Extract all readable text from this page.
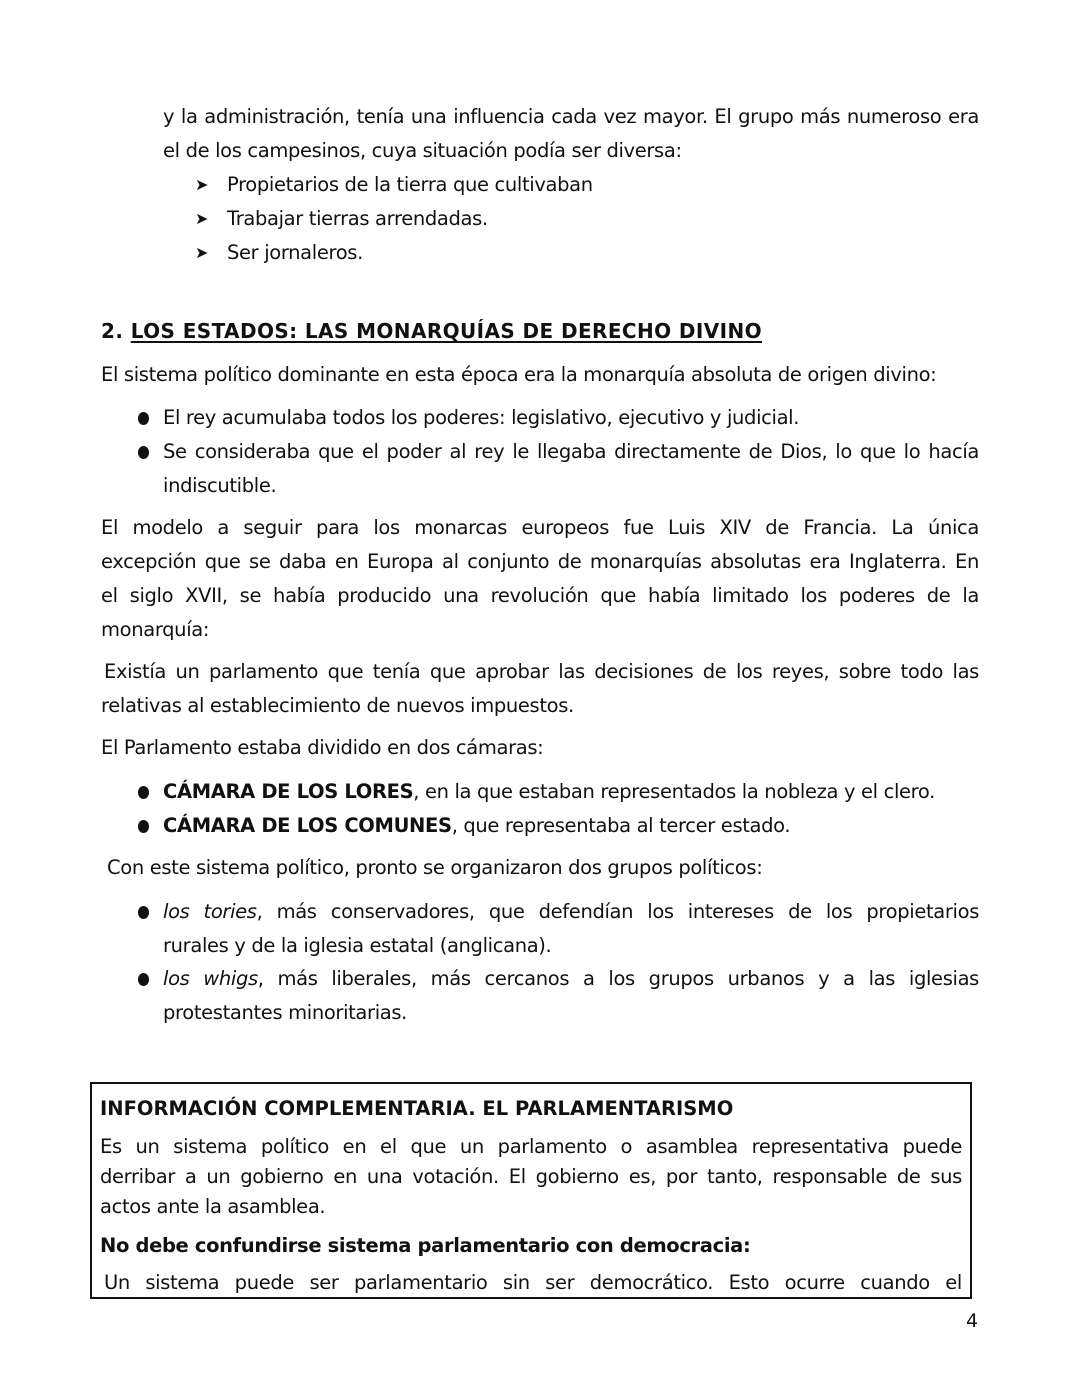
y la administración, tenía una influencia cada vez mayor. El grupo más numeroso era
el de los campesinos, cuya situación podía ser diversa:
➤ Propietarios de la tierra que cultivaban
➤ Trabajar tierras arrendadas.
➤ Ser jornaleros.
2. LOS ESTADOS: LAS MONARQUÍAS DE DERECHO DIVINO
El sistema político dominante en esta época era la monarquía absoluta de origen divino:
El rey acumulaba todos los poderes: legislativo, ejecutivo y judicial.
Se consideraba que el poder al rey le llegaba directamente de Dios, lo que lo hacía
indiscutible.
El modelo a seguir para los monarcas europeos fue Luis XIV de Francia. La única
excepción que se daba en Europa al conjunto de monarquías absolutas era Inglaterra. En
el siglo XVII, se había producido una revolución que había limitado los poderes de la
monarquía:
Existía un parlamento que tenía que aprobar las decisiones de los reyes, sobre todo las
relativas al establecimiento de nuevos impuestos.
El Parlamento estaba dividido en dos cámaras:
CÁMARA DE LOS LORES, en la que estaban representados la nobleza y el clero.
CÁMARA DE LOS COMUNES, que representaba al tercer estado.
Con este sistema político, pronto se organizaron dos grupos políticos:
los tories, más conservadores, que defendían los intereses de los propietarios
rurales y de la iglesia estatal (anglicana).
los whigs, más liberales, más cercanos a los grupos urbanos y a las iglesias
protestantes minoritarias.
INFORMACIÓN COMPLEMENTARIA. EL PARLAMENTARISMO
Es un sistema político en el que un parlamento o asamblea representativa puede
derribar a un gobierno en una votación. El gobierno es, por tanto, responsable de sus
actos ante la asamblea.
No debe confundirse sistema parlamentario con democracia:
Un sistema puede ser parlamentario sin ser democrático. Esto ocurre cuando el
4
